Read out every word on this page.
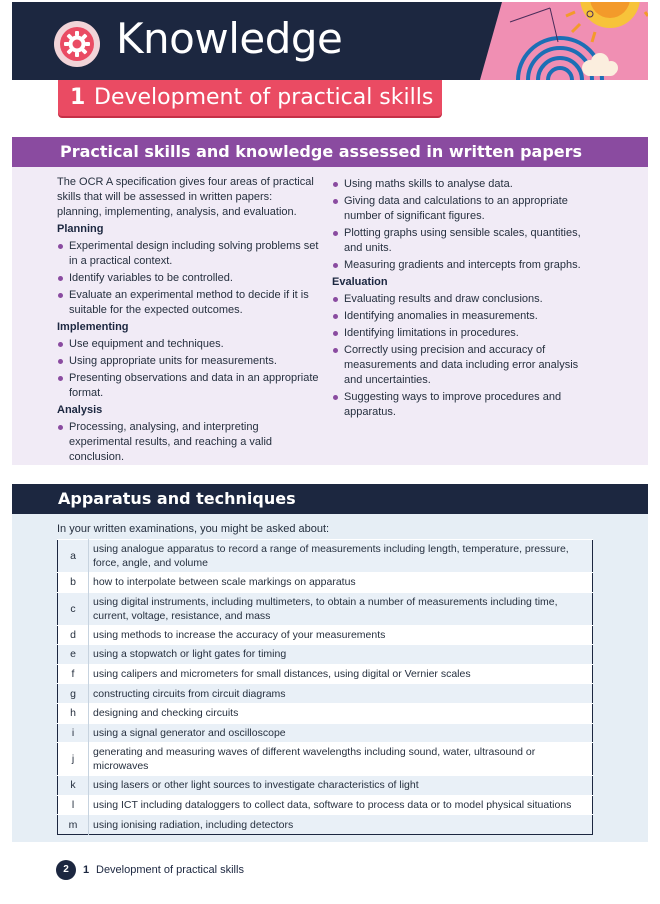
Knowledge
1 Development of practical skills
Practical skills and knowledge assessed in written papers

The OCR A specification gives four areas of practical skills that will be assessed in written papers: planning, implementing, analysis, and evaluation.

Planning
Experimental design including solving problems set in a practical context.
Identify variables to be controlled.
Evaluate an experimental method to decide if it is suitable for the expected outcomes.
Implementing
Use equipment and techniques.
Using appropriate units for measurements.
Presenting observations and data in an appropriate format.
Analysis
Processing, analysing, and interpreting experimental results, and reaching a valid conclusion.
Using maths skills to analyse data.
Giving data and calculations to an appropriate number of significant figures.
Plotting graphs using sensible scales, quantities, and units.
Measuring gradients and intercepts from graphs.
Evaluation
Evaluating results and draw conclusions.
Identifying anomalies in measurements.
Identifying limitations in procedures.
Correctly using precision and accuracy of measurements and data including error analysis and uncertainties.
Suggesting ways to improve procedures and apparatus.
Apparatus and techniques
In your written examinations, you might be asked about:
a	using analogue apparatus to record a range of measurements including length, temperature, pressure, force, angle, and volume
b	how to interpolate between scale markings on apparatus
c	using digital instruments, including multimeters, to obtain a number of measurements including time, current, voltage, resistance, and mass
d	using methods to increase the accuracy of your measurements
e	using a stopwatch or light gates for timing
f	using calipers and micrometers for small distances, using digital or Vernier scales
g	constructing circuits from circuit diagrams
h	designing and checking circuits
i	using a signal generator and oscilloscope
j	generating and measuring waves of different wavelengths including sound, water, ultrasound or microwaves
k	using lasers or other light sources to investigate characteristics of light
l	using ICT including dataloggers to collect data, software to process data or to model physical situations
m	using ionising radiation, including detectors
2	1 Development of practical skills
